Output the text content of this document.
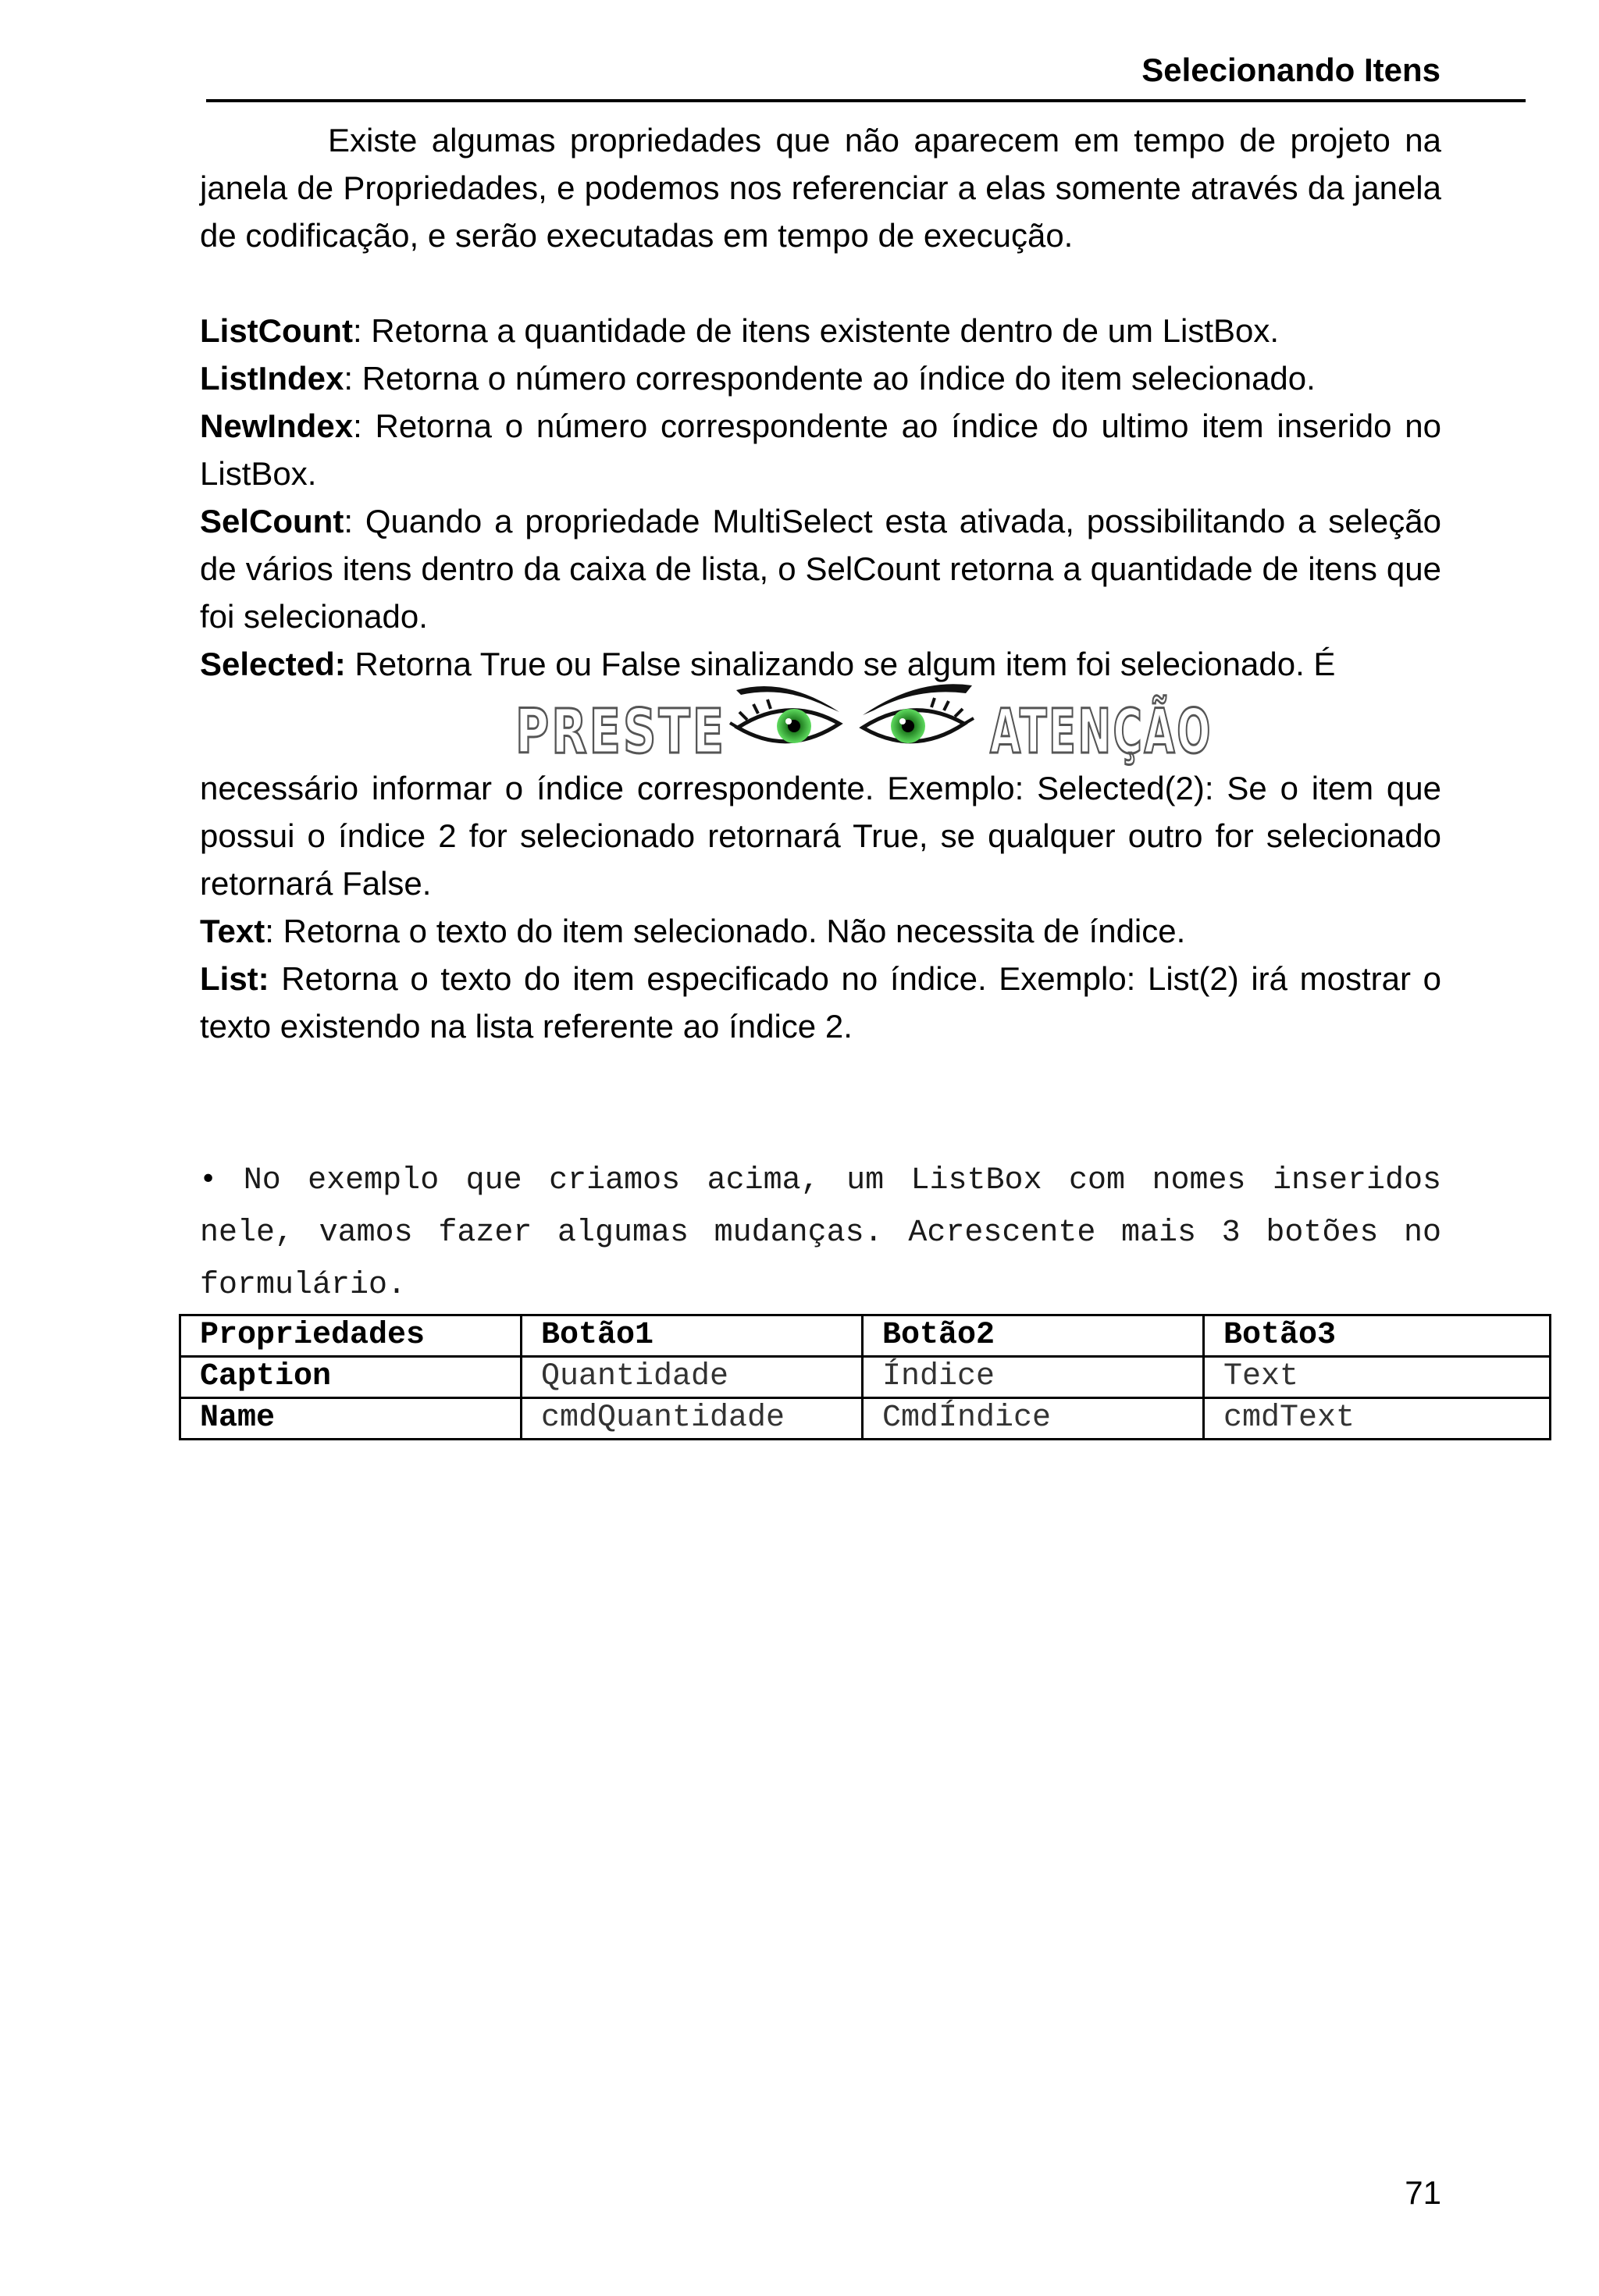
Selecionando Itens
Existe algumas propriedades que não aparecem em tempo de projeto na janela de Propriedades, e podemos nos referenciar a elas somente através da janela de codificação, e serão executadas em tempo de execução.

ListCount: Retorna a quantidade de itens existente dentro de um ListBox.

ListIndex: Retorna o número correspondente ao índice do item selecionado.

NewIndex: Retorna o número correspondente ao índice do ultimo item inserido no ListBox.

SelCount: Quando a propriedade MultiSelect esta ativada, possibilitando a seleção de vários itens dentro da caixa de lista, o SelCount retorna a quantidade de itens que foi selecionado.

Selected: Retorna True ou False sinalizando se algum item foi selecionado. É

PRESTE	ATENÇÃO

necessário informar o índice correspondente. Exemplo: Selected(2): Se o item que possui o índice 2 for selecionado retornará True, se qualquer outro for selecionado retornará False.

Text: Retorna o texto do item selecionado. Não necessita de índice.

List: Retorna o texto do item especificado no índice. Exemplo: List(2) irá mostrar o texto existendo na lista referente ao índice 2.

• No exemplo que criamos acima, um ListBox com nomes inseridos nele, vamos fazer algumas mudanças. Acrescente mais 3 botões no formulário.
Propriedades	Botão1	Botão2	Botão3
Caption	Quantidade	Índice	Text
Name	cmdQuantidade	CmdÍndice	cmdText
71
